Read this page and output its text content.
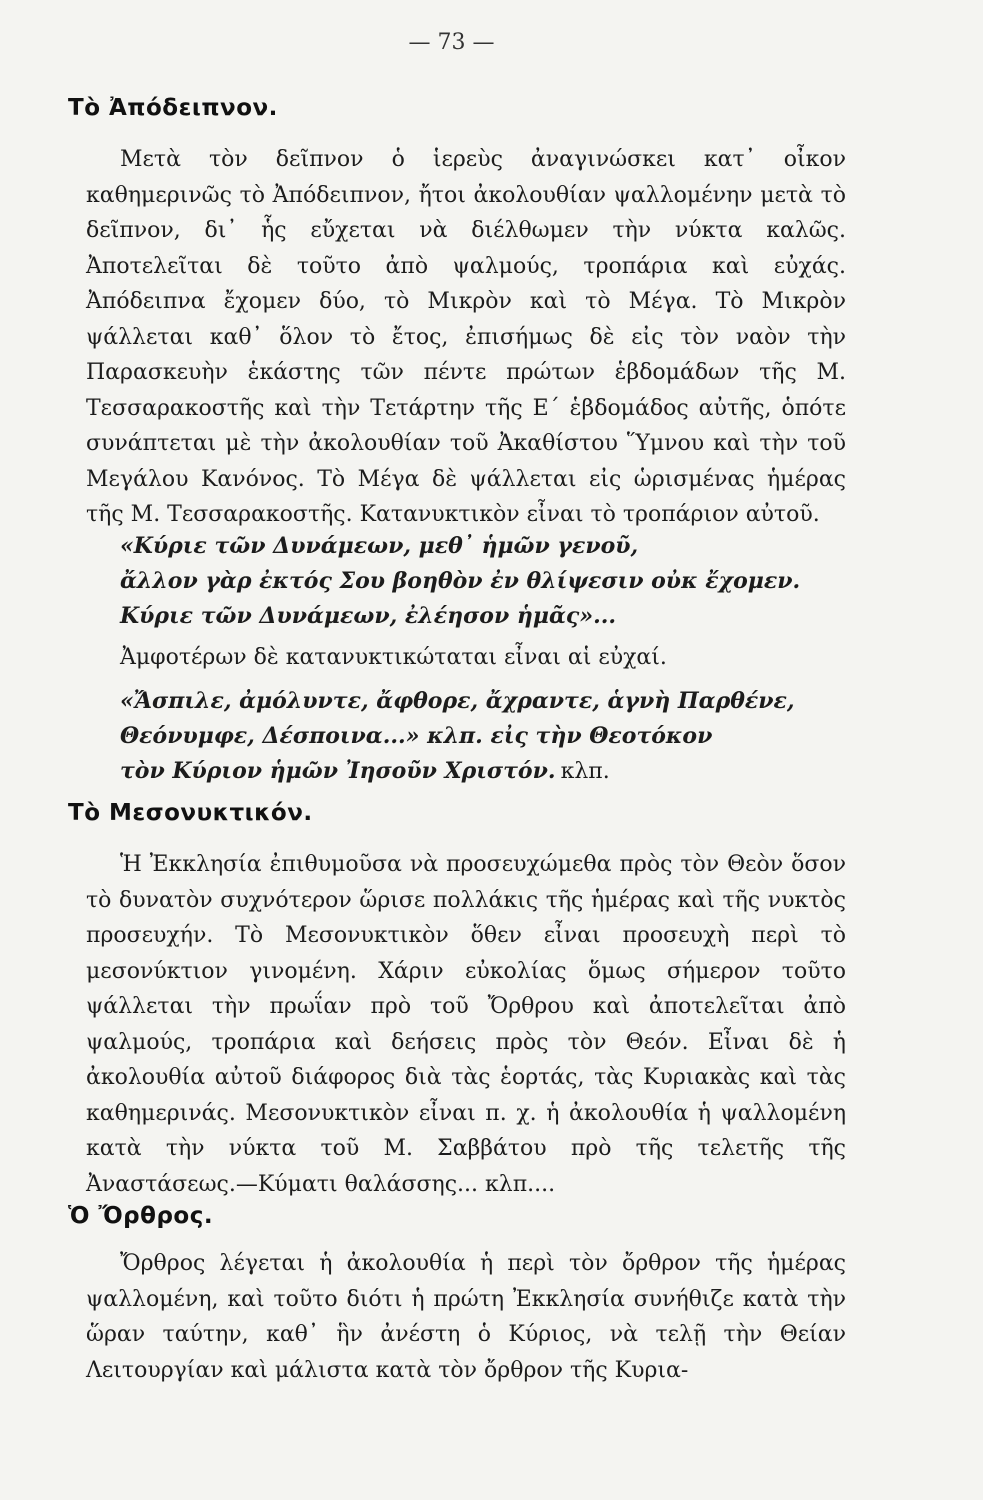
— 73 —
Τὸ Ἀπόδειπνον.

Μετὰ τὸν δεῖπνον ὁ ἱερεὺς ἀναγινώσκει κατ᾽ οἶκον καθημερινῶς τὸ Ἀπόδειπνον, ἤτοι ἀκολουθίαν ψαλλομένην μετὰ τὸ δεῖπνον, δι᾽ ἧς εὔχεται νὰ διέλθωμεν τὴν νύκτα καλῶς. Ἀποτελεῖται δὲ τοῦτο ἀπὸ ψαλμούς, τροπάρια καὶ εὐχάς. Ἀπόδειπνα ἔχομεν δύο, τὸ Μικρὸν καὶ τὸ Μέγα. Τὸ Μικρὸν ψάλλεται καθ᾽ ὅλον τὸ ἔτος, ἐπισήμως δὲ εἰς τὸν ναὸν τὴν Παρασκευὴν ἑκάστης τῶν πέντε πρώτων ἑβδομάδων τῆς Μ. Τεσσαρακοστῆς καὶ τὴν Τετάρτην τῆς Ε´ ἑβδομάδος αὐτῆς, ὁπότε συνάπτεται μὲ τὴν ἀκολουθίαν τοῦ Ἀκαθίστου Ὕμνου καὶ τὴν τοῦ Μεγάλου Κανόνος. Τὸ Μέγα δὲ ψάλλεται εἰς ὡρισμένας ἡμέρας τῆς Μ. Τεσσαρακοστῆς. Κατανυκτικὸν εἶναι τὸ τροπάριον αὐτοῦ.

«Κύριε τῶν Δυνάμεων, μεθ᾽ ἡμῶν γενοῦ,
ἄλλον γὰρ ἐκτός Σου βοηθὸν ἐν θλίψεσιν οὐκ ἔχομεν.
Κύριε τῶν Δυνάμεων, ἐλέησον ἡμᾶς»...
Ἀμφοτέρων δὲ κατανυκτικώταται εἶναι αἱ εὐχαί.
«Ἄσπιλε, ἀμόλυντε, ἄφθορε, ἄχραντε, ἁγνὴ Παρθένε,
Θεόνυμφε, Δέσποινα...» κλπ. εἰς τὴν Θεοτόκον
τὸν Κύριον ἡμῶν Ἰησοῦν Χριστόν. κλπ.
Τὸ Μεσονυκτικόν.

Ἡ Ἐκκλησία ἐπιθυμοῦσα νὰ προσευχώμεθα πρὸς τὸν Θεὸν ὅσον τὸ δυνατὸν συχνότερον ὥρισε πολλάκις τῆς ἡμέρας καὶ τῆς νυκτὸς προσευχήν. Τὸ Μεσονυκτικὸν ὅθεν εἶναι προσευχὴ περὶ τὸ μεσονύκτιον γινομένη. Χάριν εὐκολίας ὅμως σήμερον τοῦτο ψάλλεται τὴν πρωΐαν πρὸ τοῦ Ὄρθρου καὶ ἀποτελεῖται ἀπὸ ψαλμούς, τροπάρια καὶ δεήσεις πρὸς τὸν Θεόν. Εἶναι δὲ ἡ ἀκολουθία αὐτοῦ διάφορος διὰ τὰς ἑορτάς, τὰς Κυριακὰς καὶ τὰς καθημερινάς. Μεσονυκτικὸν εἶναι π. χ. ἡ ἀκολουθία ἡ ψαλλομένη κατὰ τὴν νύκτα τοῦ Μ. Σαββάτου πρὸ τῆς τελετῆς τῆς Ἀναστάσεως.—Κύματι θαλάσσης... κλπ....

Ὁ Ὄρθρος.

Ὄρθρος λέγεται ἡ ἀκολουθία ἡ περὶ τὸν ὄρθρον τῆς ἡμέρας ψαλλομένη, καὶ τοῦτο διότι ἡ πρώτη Ἐκκλησία συνήθιζε κατὰ τὴν ὥραν ταύτην, καθ᾽ ἣν ἀνέστη ὁ Κύριος, νὰ τελῇ τὴν Θείαν Λειτουργίαν καὶ μάλιστα κατὰ τὸν ὄρθρον τῆς Κυρια-
